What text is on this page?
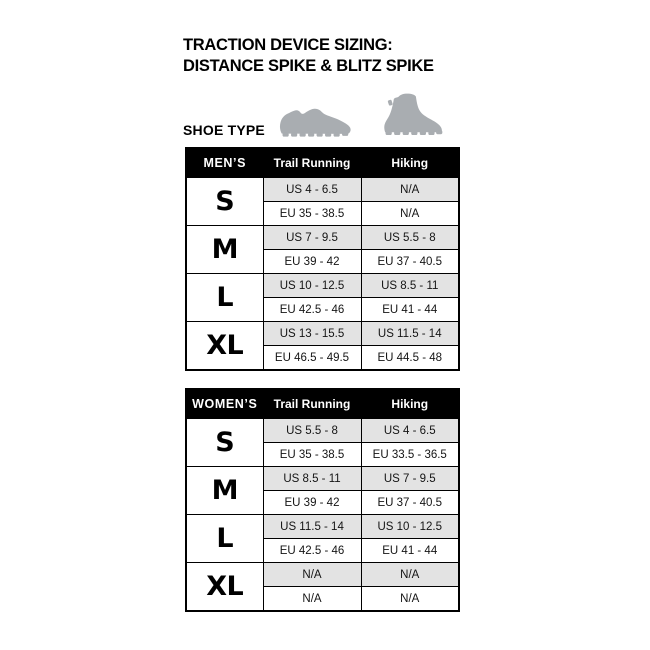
TRACTION DEVICE SIZING:
DISTANCE SPIKE & BLITZ SPIKE
SHOE TYPE
MEN’S	Trail Running	Hiking
S	US 4 - 6.5	N/A
	EU 35 - 38.5	N/A
M	US 7 - 9.5	US 5.5 - 8
	EU 39 - 42	EU 37 - 40.5
L	US 10 - 12.5	US 8.5 - 11
	EU 42.5 - 46	EU 41 - 44
XL	US 13 - 15.5	US 11.5 - 14
	EU 46.5 - 49.5	EU 44.5 - 48
WOMEN’S	Trail Running	Hiking
S	US 5.5 - 8	US 4 - 6.5
	EU 35 - 38.5	EU 33.5 - 36.5
M	US 8.5 - 11	US 7 - 9.5
	EU 39 - 42	EU 37 - 40.5
L	US 11.5 - 14	US 10 - 12.5
	EU 42.5 - 46	EU 41 - 44
XL	N/A	N/A
	N/A	N/A
